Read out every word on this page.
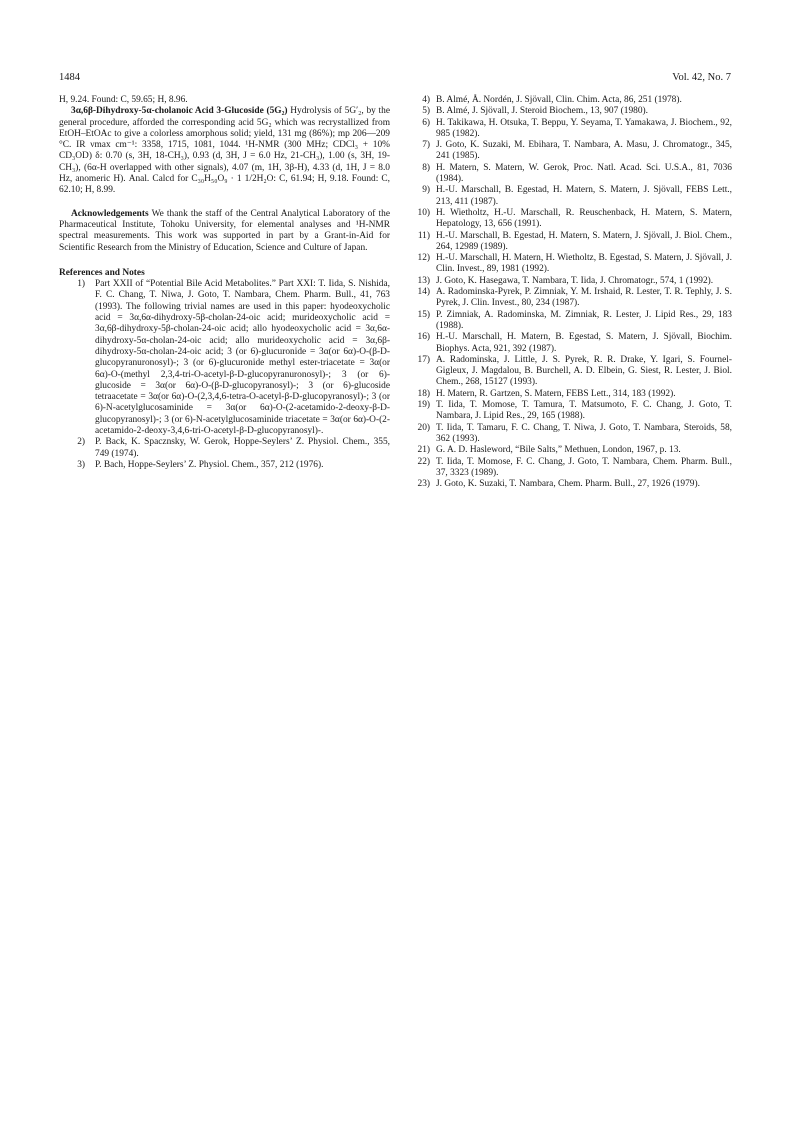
1484	Vol. 42, No. 7

H, 9.24. Found: C, 59.65; H, 8.96.

3α,6β-Dihydroxy-5α-cholanoic Acid 3-Glucoside (5G₂) Hydrolysis of 5G′₂, by the general procedure, afforded the corresponding acid 5G₂ which was recrystallized from EtOH–EtOAc to give a colorless amorphous solid; yield, 131 mg (86%); mp 206—209 °C. IR νmax cm⁻¹: 3358, 1715, 1081, 1044. ¹H-NMR (300 MHz; CDCl₃ + 10% CD₃OD) δ: 0.70 (s, 3H, 18-CH₃), 0.93 (d, 3H, J = 6.0 Hz, 21-CH₃), 1.00 (s, 3H, 19-CH₃), (6α-H overlapped with other signals), 4.07 (m, 1H, 3β-H), 4.33 (d, 1H, J = 8.0 Hz, anomeric H). Anal. Calcd for C₃₀H₅₀O₉ · 1 1/2H₂O: C, 61.94; H, 9.18. Found: C, 62.10; H, 8.99.

Acknowledgements We thank the staff of the Central Analytical Laboratory of the Pharmaceutical Institute, Tohoku University, for elemental analyses and ¹H-NMR spectral measurements. This work was supported in part by a Grant-in-Aid for Scientific Research from the Ministry of Education, Science and Culture of Japan.

References and Notes

1) Part XXII of “Potential Bile Acid Metabolites.” Part XXI: T. Iida, S. Nishida, F. C. Chang, T. Niwa, J. Goto, T. Nambara, Chem. Pharm. Bull., 41, 763 (1993). The following trivial names are used in this paper: hyodeoxycholic acid = 3α,6α-dihydroxy-5β-cholan-24-oic acid; murideoxycholic acid = 3α,6β-dihydroxy-5β-cholan-24-oic acid; allo hyodeoxycholic acid = 3α,6α-dihydroxy-5α-cholan-24-oic acid; allo murideoxycholic acid = 3α,6β-dihydroxy-5α-cholan-24-oic acid; 3 (or 6)-glucuronide = 3α(or 6α)-O-(β-D-glucopyranuronosyl)-; 3 (or 6)-glucuronide methyl ester-triacetate = 3α(or 6α)-O-(methyl 2,3,4-tri-O-acetyl-β-D-glucopyranuronosyl)-; 3 (or 6)-glucoside = 3α(or 6α)-O-(β-D-glucopyranosyl)-; 3 (or 6)-glucoside tetraacetate = 3α(or 6α)-O-(2,3,4,6-tetra-O-acetyl-β-D-glucopyranosyl)-; 3 (or 6)-N-acetylglucosaminide = 3α(or 6α)-O-(2-acetamido-2-deoxy-β-D-glucopyranosyl)-; 3 (or 6)-N-acetylglucosaminide triacetate = 3α(or 6α)-O-(2-acetamido-2-deoxy-3,4,6-tri-O-acetyl-β-D-glucopyranosyl)-.
2) P. Back, K. Spacznsky, W. Gerok, Hoppe-Seylers’ Z. Physiol. Chem., 355, 749 (1974).
3) P. Bach, Hoppe-Seylers’ Z. Physiol. Chem., 357, 212 (1976).
4) B. Almé, Å. Nordén, J. Sjövall, Clin. Chim. Acta, 86, 251 (1978).
5) B. Almé, J. Sjövall, J. Steroid Biochem., 13, 907 (1980).
6) H. Takikawa, H. Otsuka, T. Beppu, Y. Seyama, T. Yamakawa, J. Biochem., 92, 985 (1982).
7) J. Goto, K. Suzaki, M. Ebihara, T. Nambara, A. Masu, J. Chromatogr., 345, 241 (1985).
8) H. Matern, S. Matern, W. Gerok, Proc. Natl. Acad. Sci. U.S.A., 81, 7036 (1984).
9) H.-U. Marschall, B. Egestad, H. Matern, S. Matern, J. Sjövall, FEBS Lett., 213, 411 (1987).
10) H. Wietholtz, H.-U. Marschall, R. Reuschenback, H. Matern, S. Matern, Hepatology, 13, 656 (1991).
11) H.-U. Marschall, B. Egestad, H. Matern, S. Matern, J. Sjövall, J. Biol. Chem., 264, 12989 (1989).
12) H.-U. Marschall, H. Matern, H. Wietholtz, B. Egestad, S. Matern, J. Sjövall, J. Clin. Invest., 89, 1981 (1992).
13) J. Goto, K. Hasegawa, T. Nambara, T. Iida, J. Chromatogr., 574, 1 (1992).
14) A. Radominska-Pyrek, P. Zimniak, Y. M. Irshaid, R. Lester, T. R. Tephly, J. S. Pyrek, J. Clin. Invest., 80, 234 (1987).
15) P. Zimniak, A. Radominska, M. Zimniak, R. Lester, J. Lipid Res., 29, 183 (1988).
16) H.-U. Marschall, H. Matern, B. Egestad, S. Matern, J. Sjövall, Biochim. Biophys. Acta, 921, 392 (1987).
17) A. Radominska, J. Little, J. S. Pyrek, R. R. Drake, Y. Igari, S. Fournel-Gigleux, J. Magdalou, B. Burchell, A. D. Elbein, G. Siest, R. Lester, J. Biol. Chem., 268, 15127 (1993).
18) H. Matern, R. Gartzen, S. Matern, FEBS Lett., 314, 183 (1992).
19) T. Iida, T. Momose, T. Tamura, T. Matsumoto, F. C. Chang, J. Goto, T. Nambara, J. Lipid Res., 29, 165 (1988).
20) T. Iida, T. Tamaru, F. C. Chang, T. Niwa, J. Goto, T. Nambara, Steroids, 58, 362 (1993).
21) G. A. D. Hasleword, “Bile Salts,” Methuen, London, 1967, p. 13.
22) T. Iida, T. Momose, F. C. Chang, J. Goto, T. Nambara, Chem. Pharm. Bull., 37, 3323 (1989).
23) J. Goto, K. Suzaki, T. Nambara, Chem. Pharm. Bull., 27, 1926 (1979).
